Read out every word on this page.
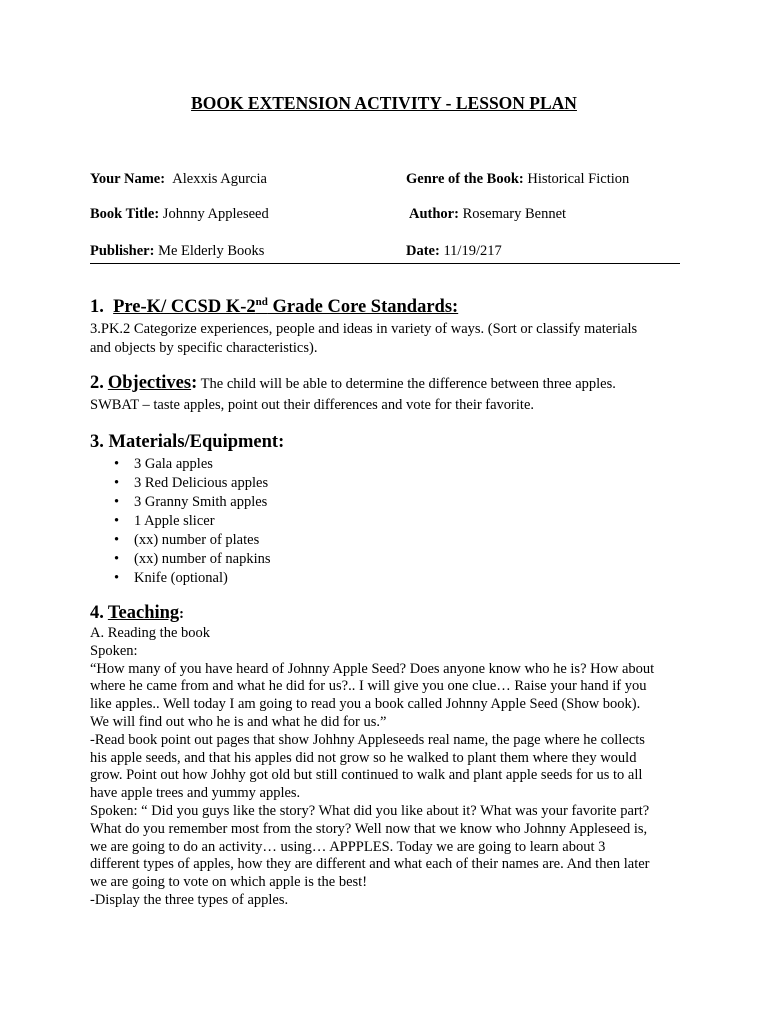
BOOK EXTENSION ACTIVITY - LESSON PLAN
Your Name: Alexxis Agurcia	Genre of the Book: Historical Fiction
Book Title: Johnny Appleseed	Author: Rosemary Bennet
Publisher: Me Elderly Books	Date: 11/19/217
1. Pre-K/ CCSD K-2nd Grade Core Standards:
3.PK.2 Categorize experiences, people and ideas in variety of ways. (Sort or classify materials
and objects by specific characteristics).
2. Objectives: The child will be able to determine the difference between three apples.
SWBAT – taste apples, point out their differences and vote for their favorite.
3. Materials/Equipment:
• 3 Gala apples
• 3 Red Delicious apples
• 3 Granny Smith apples
• 1 Apple slicer
• (xx) number of plates
• (xx) number of napkins
• Knife (optional)
4. Teaching:
A. Reading the book
Spoken:
“How many of you have heard of Johnny Apple Seed? Does anyone know who he is? How about
where he came from and what he did for us?.. I will give you one clue… Raise your hand if you
like apples.. Well today I am going to read you a book called Johnny Apple Seed (Show book).
We will find out who he is and what he did for us.”
-Read book point out pages that show Johhny Appleseeds real name, the page where he collects
his apple seeds, and that his apples did not grow so he walked to plant them where they would
grow. Point out how Johhy got old but still continued to walk and plant apple seeds for us to all
have apple trees and yummy apples.
Spoken: “ Did you guys like the story? What did you like about it? What was your favorite part?
What do you remember most from the story? Well now that we know who Johnny Appleseed is,
we are going to do an activity… using… APPPLES. Today we are going to learn about 3
different types of apples, how they are different and what each of their names are. And then later
we are going to vote on which apple is the best!
-Display the three types of apples.
